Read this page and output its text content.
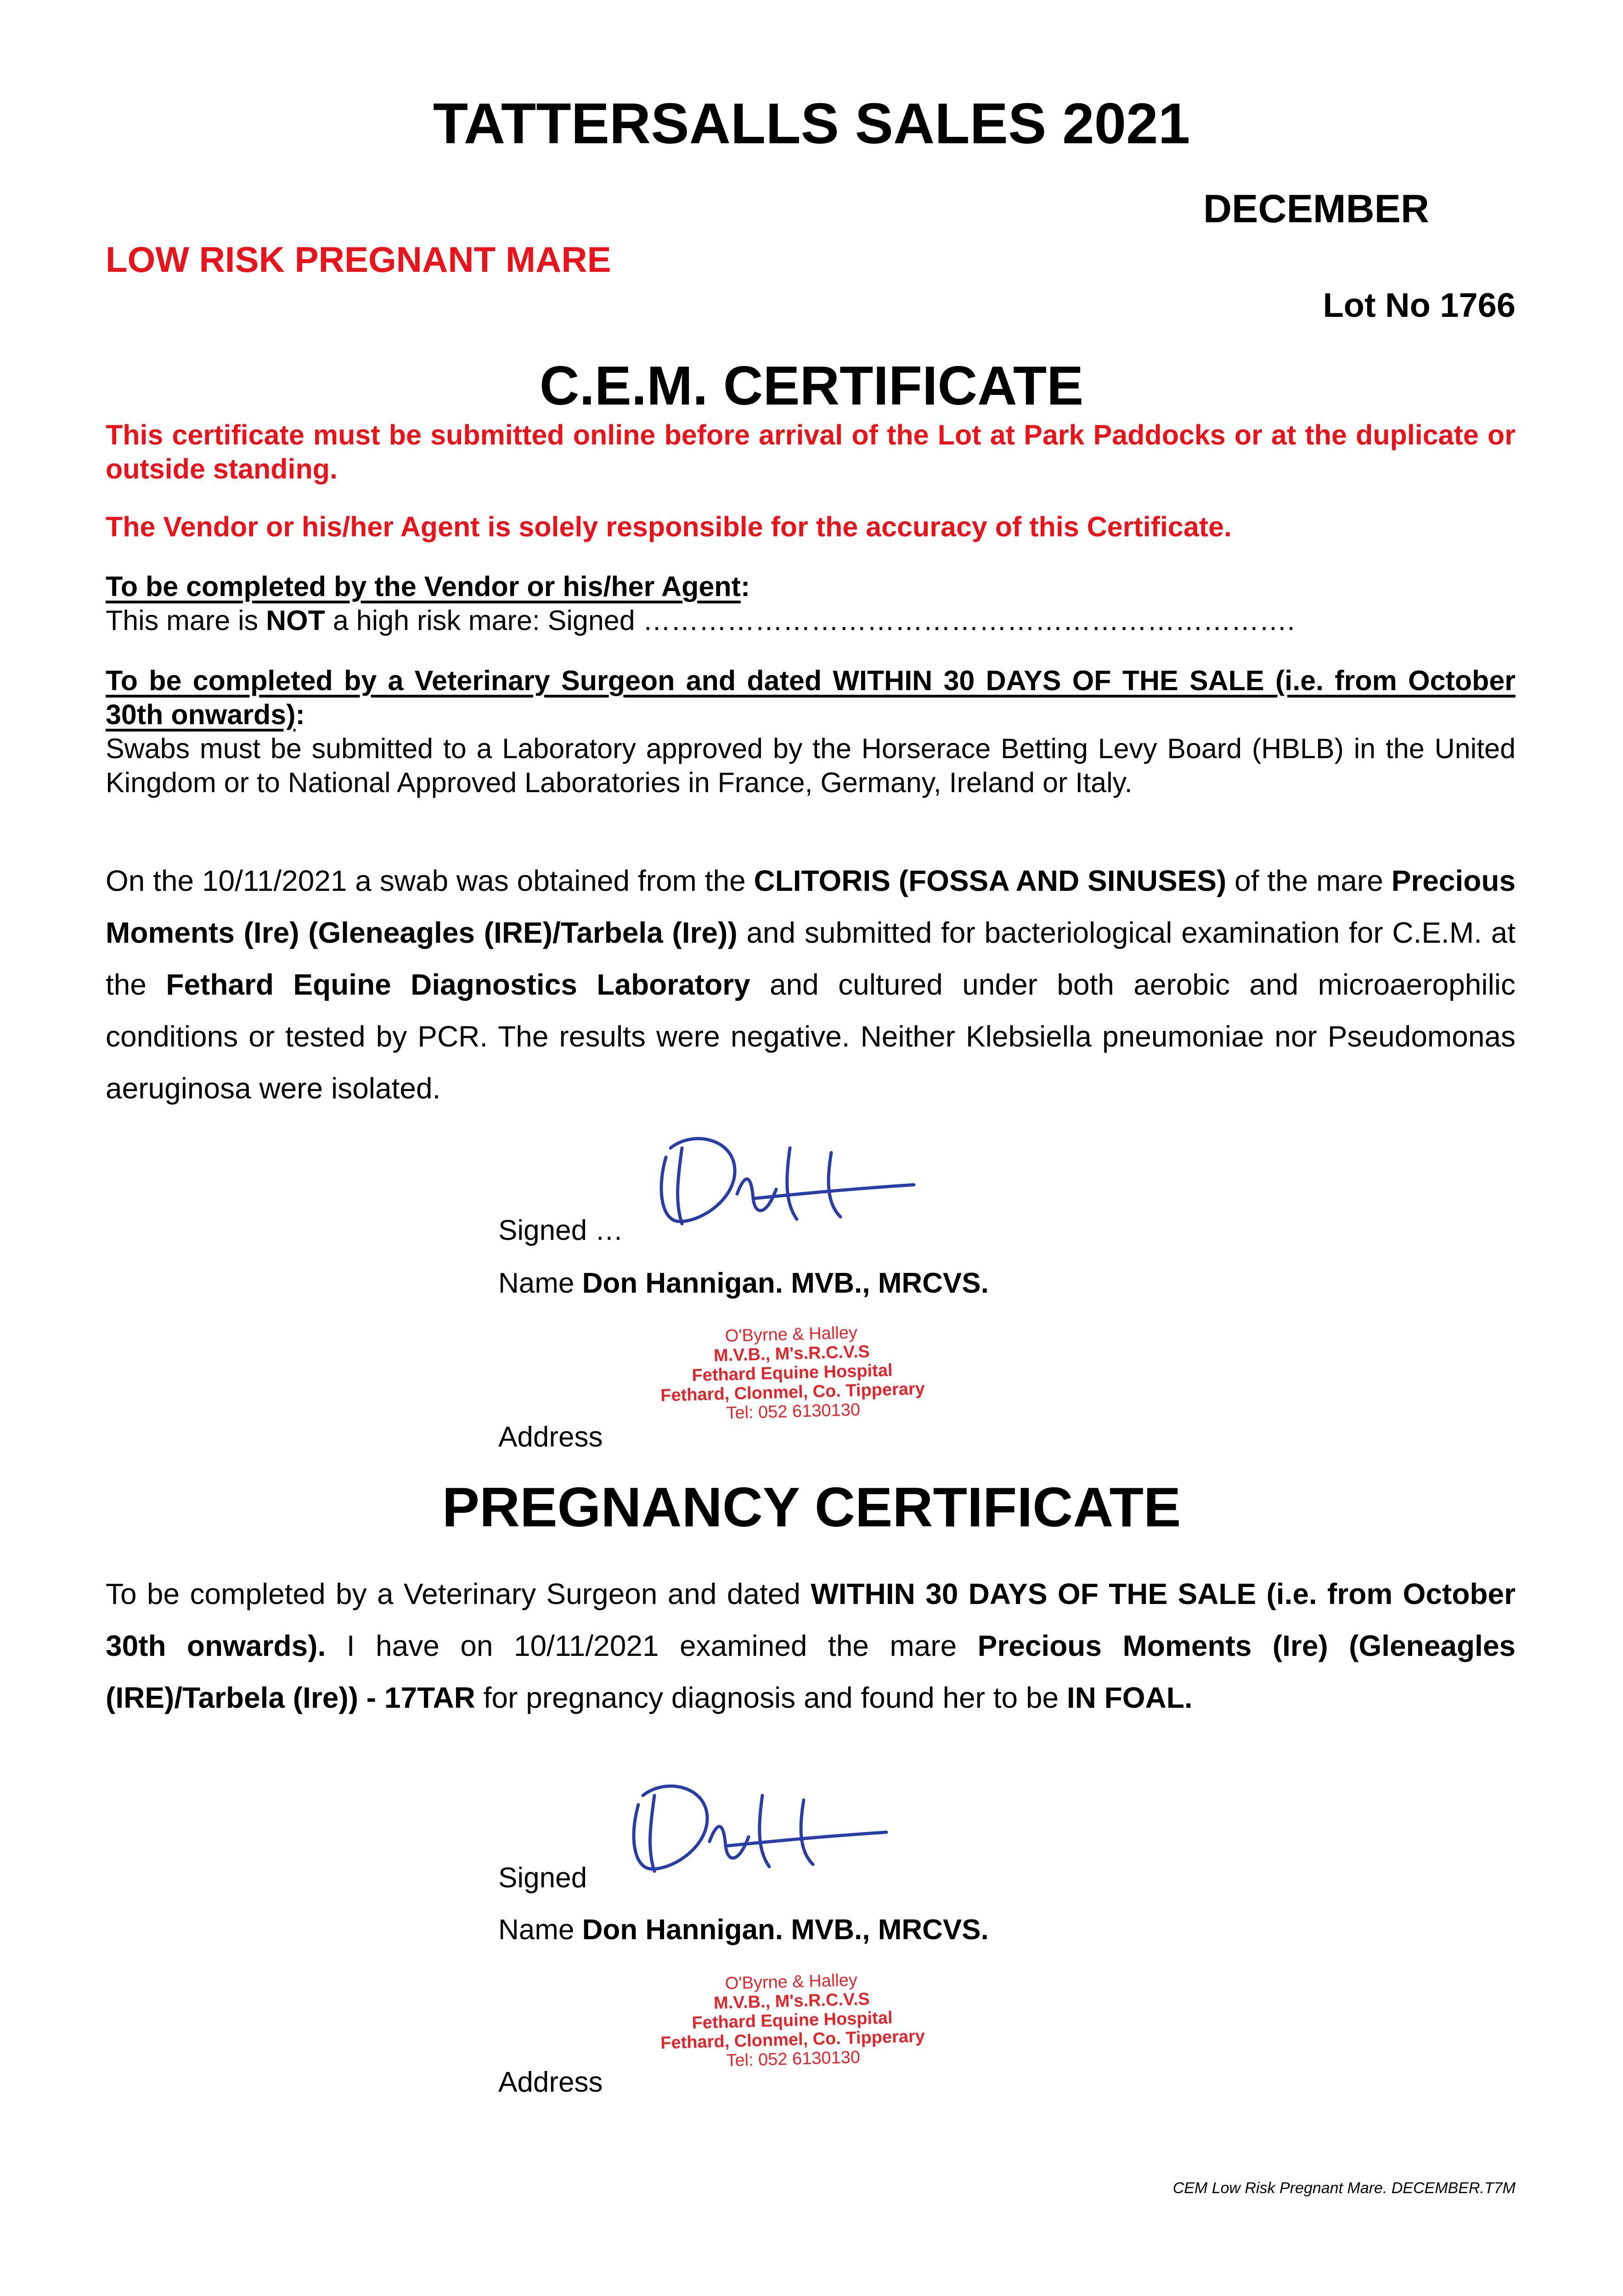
TATTERSALLS SALES 2021
DECEMBER
LOW RISK PREGNANT MARE
Lot No 1766
C.E.M. CERTIFICATE
This certificate must be submitted online before arrival of the Lot at Park Paddocks or at the duplicate or outside standing.
The Vendor or his/her Agent is solely responsible for the accuracy of this Certificate.
To be completed by the Vendor or his/her Agent:
This mare is NOT a high risk mare: Signed …………………………………………………………….
To be completed by a Veterinary Surgeon and dated WITHIN 30 DAYS OF THE SALE (i.e. from October 30th onwards):
Swabs must be submitted to a Laboratory approved by the Horserace Betting Levy Board (HBLB) in the United Kingdom or to National Approved Laboratories in France, Germany, Ireland or Italy.
On the 10/11/2021 a swab was obtained from the CLITORIS (FOSSA AND SINUSES) of the mare Precious Moments (Ire) (Gleneagles (IRE)/Tarbela (Ire)) and submitted for bacteriological examination for C.E.M. at the Fethard Equine Diagnostics Laboratory and cultured under both aerobic and microaerophilic conditions or tested by PCR. The results were negative. Neither Klebsiella pneumoniae nor Pseudomonas aeruginosa were isolated.
Signed …
Name Don Hannigan. MVB., MRCVS.
O'Byrne & Halley
M.V.B., M's.R.C.V.S
Fethard Equine Hospital
Fethard, Clonmel, Co. Tipperary
Tel: 052 6130130
Address
PREGNANCY CERTIFICATE
To be completed by a Veterinary Surgeon and dated WITHIN 30 DAYS OF THE SALE (i.e. from October 30th onwards). I have on 10/11/2021 examined the mare Precious Moments (Ire) (Gleneagles (IRE)/Tarbela (Ire)) - 17TAR for pregnancy diagnosis and found her to be IN FOAL.
Signed
Name Don Hannigan. MVB., MRCVS.
O'Byrne & Halley
M.V.B., M's.R.C.V.S
Fethard Equine Hospital
Fethard, Clonmel, Co. Tipperary
Tel: 052 6130130
Address
CEM Low Risk Pregnant Mare. DECEMBER.T7M
